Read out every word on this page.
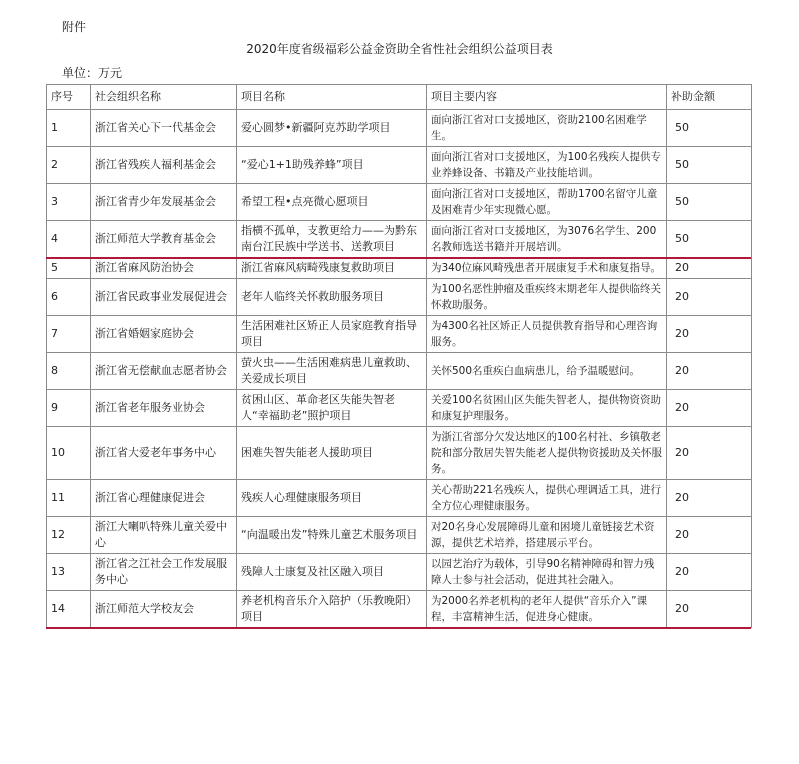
附件
2020年度省级福彩公益金资助全省性社会组织公益项目表
单位：万元
序号	社会组织名称	项目名称	项目主要内容	补助金额
1	浙江省关心下一代基金会	爱心圆梦•新疆阿克苏助学项目	面向浙江省对口支援地区，资助2100名困难学生。	50
2	浙江省残疾人福利基金会	“爱心1+1助残养蜂”项目	面向浙江省对口支援地区，为100名残疾人提供专业养蜂设备、书籍及产业技能培训。	50
3	浙江省青少年发展基金会	希望工程•点亮微心愿项目	面向浙江省对口支援地区，帮助1700名留守儿童及困难青少年实现微心愿。	50
4	浙江师范大学教育基金会	指横不孤单，支教更给力——为黔东南台江民族中学送书、送教项目	面向浙江省对口支援地区，为3076名学生、200名教师选送书籍并开展培训。	50
5	浙江省麻风防治协会	浙江省麻风病畸残康复救助项目	为340位麻风畸残患者开展康复手术和康复指导。	20
6	浙江省民政事业发展促进会	老年人临终关怀救助服务项目	为100名恶性肿瘤及重疾终末期老年人提供临终关怀救助服务。	20
7	浙江省婚姻家庭协会	生活困难社区矫正人员家庭教育指导项目	为4300名社区矫正人员提供教育指导和心理咨询服务。	20
8	浙江省无偿献血志愿者协会	萤火虫——生活困难病患儿童救助、关爱成长项目	关怀500名重疾白血病患儿，给予温暖慰问。	20
9	浙江省老年服务业协会	贫困山区、革命老区失能失智老人“幸福助老”照护项目	关爱100名贫困山区失能失智老人，提供物资资助和康复护理服务。	20
10	浙江省大爱老年事务中心	困难失智失能老人援助项目	为浙江省部分欠发达地区的100名村社、乡镇敬老院和部分散居失智失能老人提供物资援助及关怀服务。	20
11	浙江省心理健康促进会	残疾人心理健康服务项目	关心帮助221名残疾人，提供心理调适工具，进行全方位心理健康服务。	20
12	浙江大喇叭特殊儿童关爱中心	“向温暖出发”特殊儿童艺术服务项目	对20名身心发展障碍儿童和困境儿童链接艺术资源，提供艺术培养，搭建展示平台。	20
13	浙江省之江社会工作发展服务中心	残障人士康复及社区融入项目	以园艺治疗为载体，引导90名精神障碍和智力残障人士参与社会活动，促进其社会融入。	20
14	浙江师范大学校友会	养老机构音乐介入陪护（乐教晚阳）项目	为2000名养老机构的老年人提供“音乐介入”课程，丰富精神生活，促进身心健康。	20
